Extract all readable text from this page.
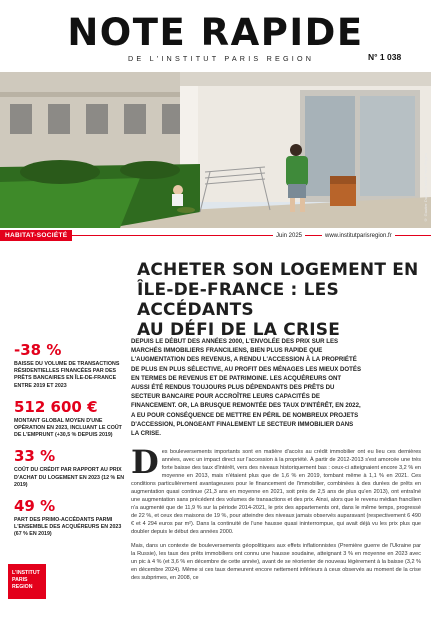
NOTE RAPIDE
DE L'INSTITUT PARIS REGION	N° 1 038
© Gautier Dujrcic/Institut Paris Région
HABITAT-SOCIÉTÉ	Juin 2025	www.institutparisregion.fr
ACHETER SON LOGEMENT EN
ÎLE-DE-FRANCE : LES ACCÉDANTS
AU DÉFI DE LA CRISE

DEPUIS LE DÉBUT DES ANNÉES 2000, L'ENVOLÉE DES PRIX SUR LES MARCHÉS IMMOBILIERS FRANCILIENS, BIEN PLUS RAPIDE QUE L'AUGMENTATION DES REVENUS, A RENDU L'ACCESSION À LA PROPRIÉTÉ DE PLUS EN PLUS SÉLECTIVE, AU PROFIT DES MÉNAGES LES MIEUX DOTÉS EN TERMES DE REVENUS ET DE PATRIMOINE. LES ACQUÉREURS ONT AUSSI ÉTÉ RENDUS TOUJOURS PLUS DÉPENDANTS DES PRÊTS DU SECTEUR BANCAIRE POUR ACCROÎTRE LEURS CAPACITÉS DE FINANCEMENT. OR, LA BRUSQUE REMONTÉE DES TAUX D'INTÉRÊT, EN 2022, A EU POUR CONSÉQUENCE DE METTRE EN PÉRIL DE NOMBREUX PROJETS D'ACCESSION, PLONGEANT FINALEMENT LE SECTEUR IMMOBILIER DANS LA CRISE.

-38 %
BAISSE DU VOLUME DE TRANSACTIONS RÉSIDENTIELLES FINANCÉES PAR DES PRÊTS BANCAIRES EN ÎLE-DE-FRANCE ENTRE 2019 ET 2023
512 600 €
MONTANT GLOBAL MOYEN D'UNE OPÉRATION EN 2023, INCLUANT LE COÛT DE L'EMPRUNT (+30,5 % DEPUIS 2019)
33 %
COÛT DU CRÉDIT PAR RAPPORT AU PRIX D'ACHAT DU LOGEMENT EN 2023 (12 % EN 2019)
49 %
PART DES PRIMO-ACCÉDANTS PARMI L'ENSEMBLE DES ACQUÉREURS EN 2023 (67 % EN 2019)

Des bouleversements importants sont en matière d'accès au crédit immobilier ont eu lieu ces dernières années, avec un impact direct sur l'accession à la propriété. À partir de 2012-2013 s'est amorcée une très forte baisse des taux d'intérêt, vers des niveaux historiquement bas : ceux-ci atteignaient encore 3,2 % en moyenne en 2013, mais n'étaient plus que de 1,6 % en 2019, tombant même à 1,1 % en 2021. Ces conditions particulièrement avantageuses pour le financement de l'immobilier, combinées à des durées de prêts en augmentation quasi continue (21,3 ans en moyenne en 2021, soit près de 2,5 ans de plus qu'en 2013), ont entraîné une augmentation sans précédent des volumes de transactions et des prix. Ainsi, alors que le revenu médian francilien n'a augmenté que de 11,9 % sur la période 2014-2021, le prix des appartements ont, dans le même temps, progressé de 22 %, et ceux des maisons de 19 %, pour atteindre des niveaux jamais observés auparavant (respectivement 6 490 € et 4 294 euros par m²). Dans la continuité de l'une hausse quasi ininterrompue, qui avait déjà vu les prix plus que doubler depuis le début des années 2000.

Mais, dans un contexte de bouleversements géopolitiques aux effets inflationnistes (Première guerre de l'Ukraine par la Russie), les taux des prêts immobiliers ont connu une hausse soudaine, atteignant 3 % en moyenne en 2023 avec un pic à 4 % (et 3,6 % en décembre de cette année), avant de se réorienter de nouveau légèrement à la baisse (3,2 % en décembre 2024). Même si ces taux demeurent encore nettement inférieurs à ceux observés au moment de la crise des subprimes, en 2008, ce

L'INSTITUT
PARIS
REGION
